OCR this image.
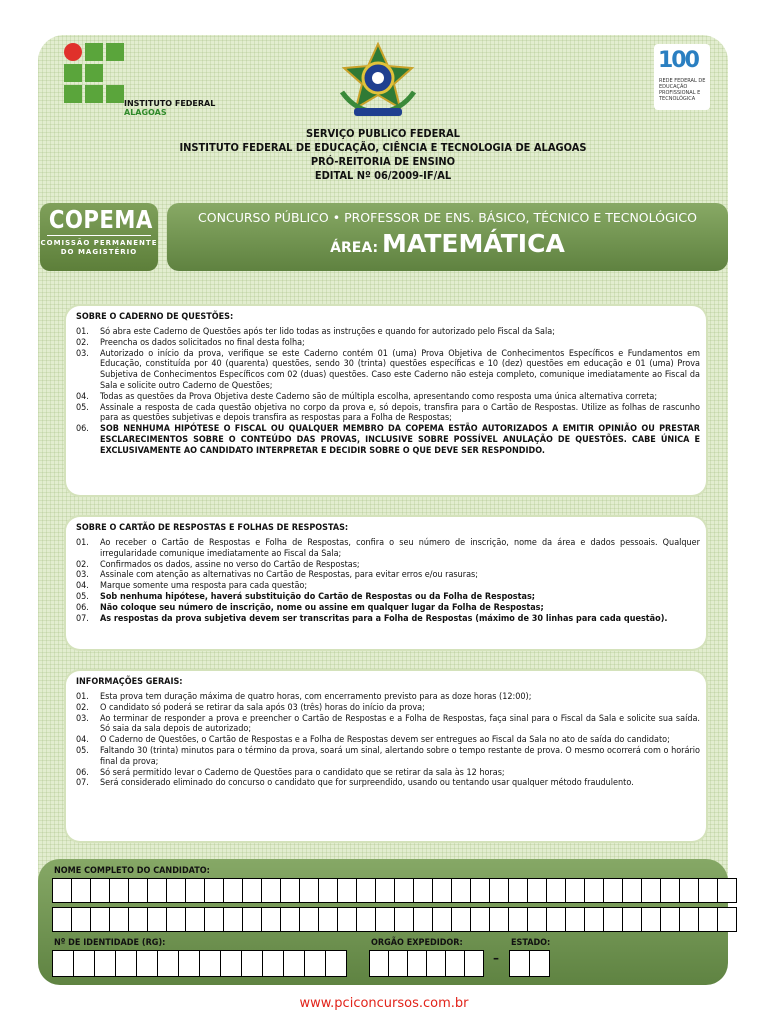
INSTITUTO FEDERAL
ALAGOAS
100
REDE FEDERAL DE EDUCAÇÃO PROFISSIONAL E TECNOLÓGICA
SERVIÇO PUBLICO FEDERAL
INSTITUTO FEDERAL DE EDUCAÇÃO, CIÊNCIA E TECNOLOGIA DE ALAGOAS
PRÓ-REITORIA DE ENSINO
EDITAL Nº 06/2009-IF/AL
COPEMA
COMISSÃO PERMANENTE
DO MAGISTÉRIO
CONCURSO PÚBLICO • PROFESSOR DE ENS. BÁSICO, TÉCNICO E TECNOLÓGICO
ÁREA: MATEMÁTICA
SOBRE O CADERNO DE QUESTÕES:
01.	Só abra este Caderno de Questões após ter lido todas as instruções e quando for autorizado pelo Fiscal da Sala;
02.	Preencha os dados solicitados no final desta folha;
03.	Autorizado o início da prova, verifique se este Caderno contém 01 (uma) Prova Objetiva de Conhecimentos Específicos e Fundamentos em Educação, constituída por 40 (quarenta) questões, sendo 30 (trinta) questões específicas e 10 (dez) questões em educação e 01 (uma) Prova Subjetiva de Conhecimentos Específicos com 02 (duas) questões. Caso este Caderno não esteja completo, comunique imediatamente ao Fiscal da Sala e solicite outro Caderno de Questões;
04.	Todas as questões da Prova Objetiva deste Caderno são de múltipla escolha, apresentando como resposta uma única alternativa correta;
05.	Assinale a resposta de cada questão objetiva no corpo da prova e, só depois, transfira para o Cartão de Respostas. Utilize as folhas de rascunho para as questões subjetivas e depois transfira as respostas para a Folha de Respostas;
06.	SOB NENHUMA HIPÓTESE O FISCAL OU QUALQUER MEMBRO DA COPEMA ESTÃO AUTORIZADOS A EMITIR OPINIÃO OU PRESTAR ESCLARECIMENTOS SOBRE O CONTEÚDO DAS PROVAS, INCLUSIVE SOBRE POSSÍVEL ANULAÇÃO DE QUESTÕES. CABE ÚNICA E EXCLUSIVAMENTE AO CANDIDATO INTERPRETAR E DECIDIR SOBRE O QUE DEVE SER RESPONDIDO.
SOBRE O CARTÃO DE RESPOSTAS E FOLHAS DE RESPOSTAS:
01.	Ao receber o Cartão de Respostas e Folha de Respostas, confira o seu número de inscrição, nome da área e dados pessoais. Qualquer irregularidade comunique imediatamente ao Fiscal da Sala;
02.	Confirmados os dados, assine no verso do Cartão de Respostas;
03.	Assinale com atenção as alternativas no Cartão de Respostas, para evitar erros e/ou rasuras;
04.	Marque somente uma resposta para cada questão;
05.	Sob nenhuma hipótese, haverá substituição do Cartão de Respostas ou da Folha de Respostas;
06.	Não coloque seu número de inscrição, nome ou assine em qualquer lugar da Folha de Respostas;
07.	As respostas da prova subjetiva devem ser transcritas para a Folha de Respostas (máximo de 30 linhas para cada questão).
INFORMAÇÕES GERAIS:
01.	Esta prova tem duração máxima de quatro horas, com encerramento previsto para as doze horas (12:00);
02.	O candidato só poderá se retirar da sala após 03 (três) horas do início da prova;
03.	Ao terminar de responder a prova e preencher o Cartão de Respostas e a Folha de Respostas, faça sinal para o Fiscal da Sala e solicite sua saída. Só saia da sala depois de autorizado;
04.	O Caderno de Questões, o Cartão de Respostas e a Folha de Respostas devem ser entregues ao Fiscal da Sala no ato de saída do candidato;
05.	Faltando 30 (trinta) minutos para o término da prova, soará um sinal, alertando sobre o tempo restante de prova. O mesmo ocorrerá com o horário final da prova;
06.	Só será permitido levar o Caderno de Questões para o candidato que se retirar da sala às 12 horas;
07.	Será considerado eliminado do concurso o candidato que for surpreendido, usando ou tentando usar qualquer método fraudulento.
NOME COMPLETO DO CANDIDATO:
Nº DE IDENTIDADE (RG):	ORGÃO EXPEDIDOR:
–
ESTADO:
www.pciconcursos.com.br
